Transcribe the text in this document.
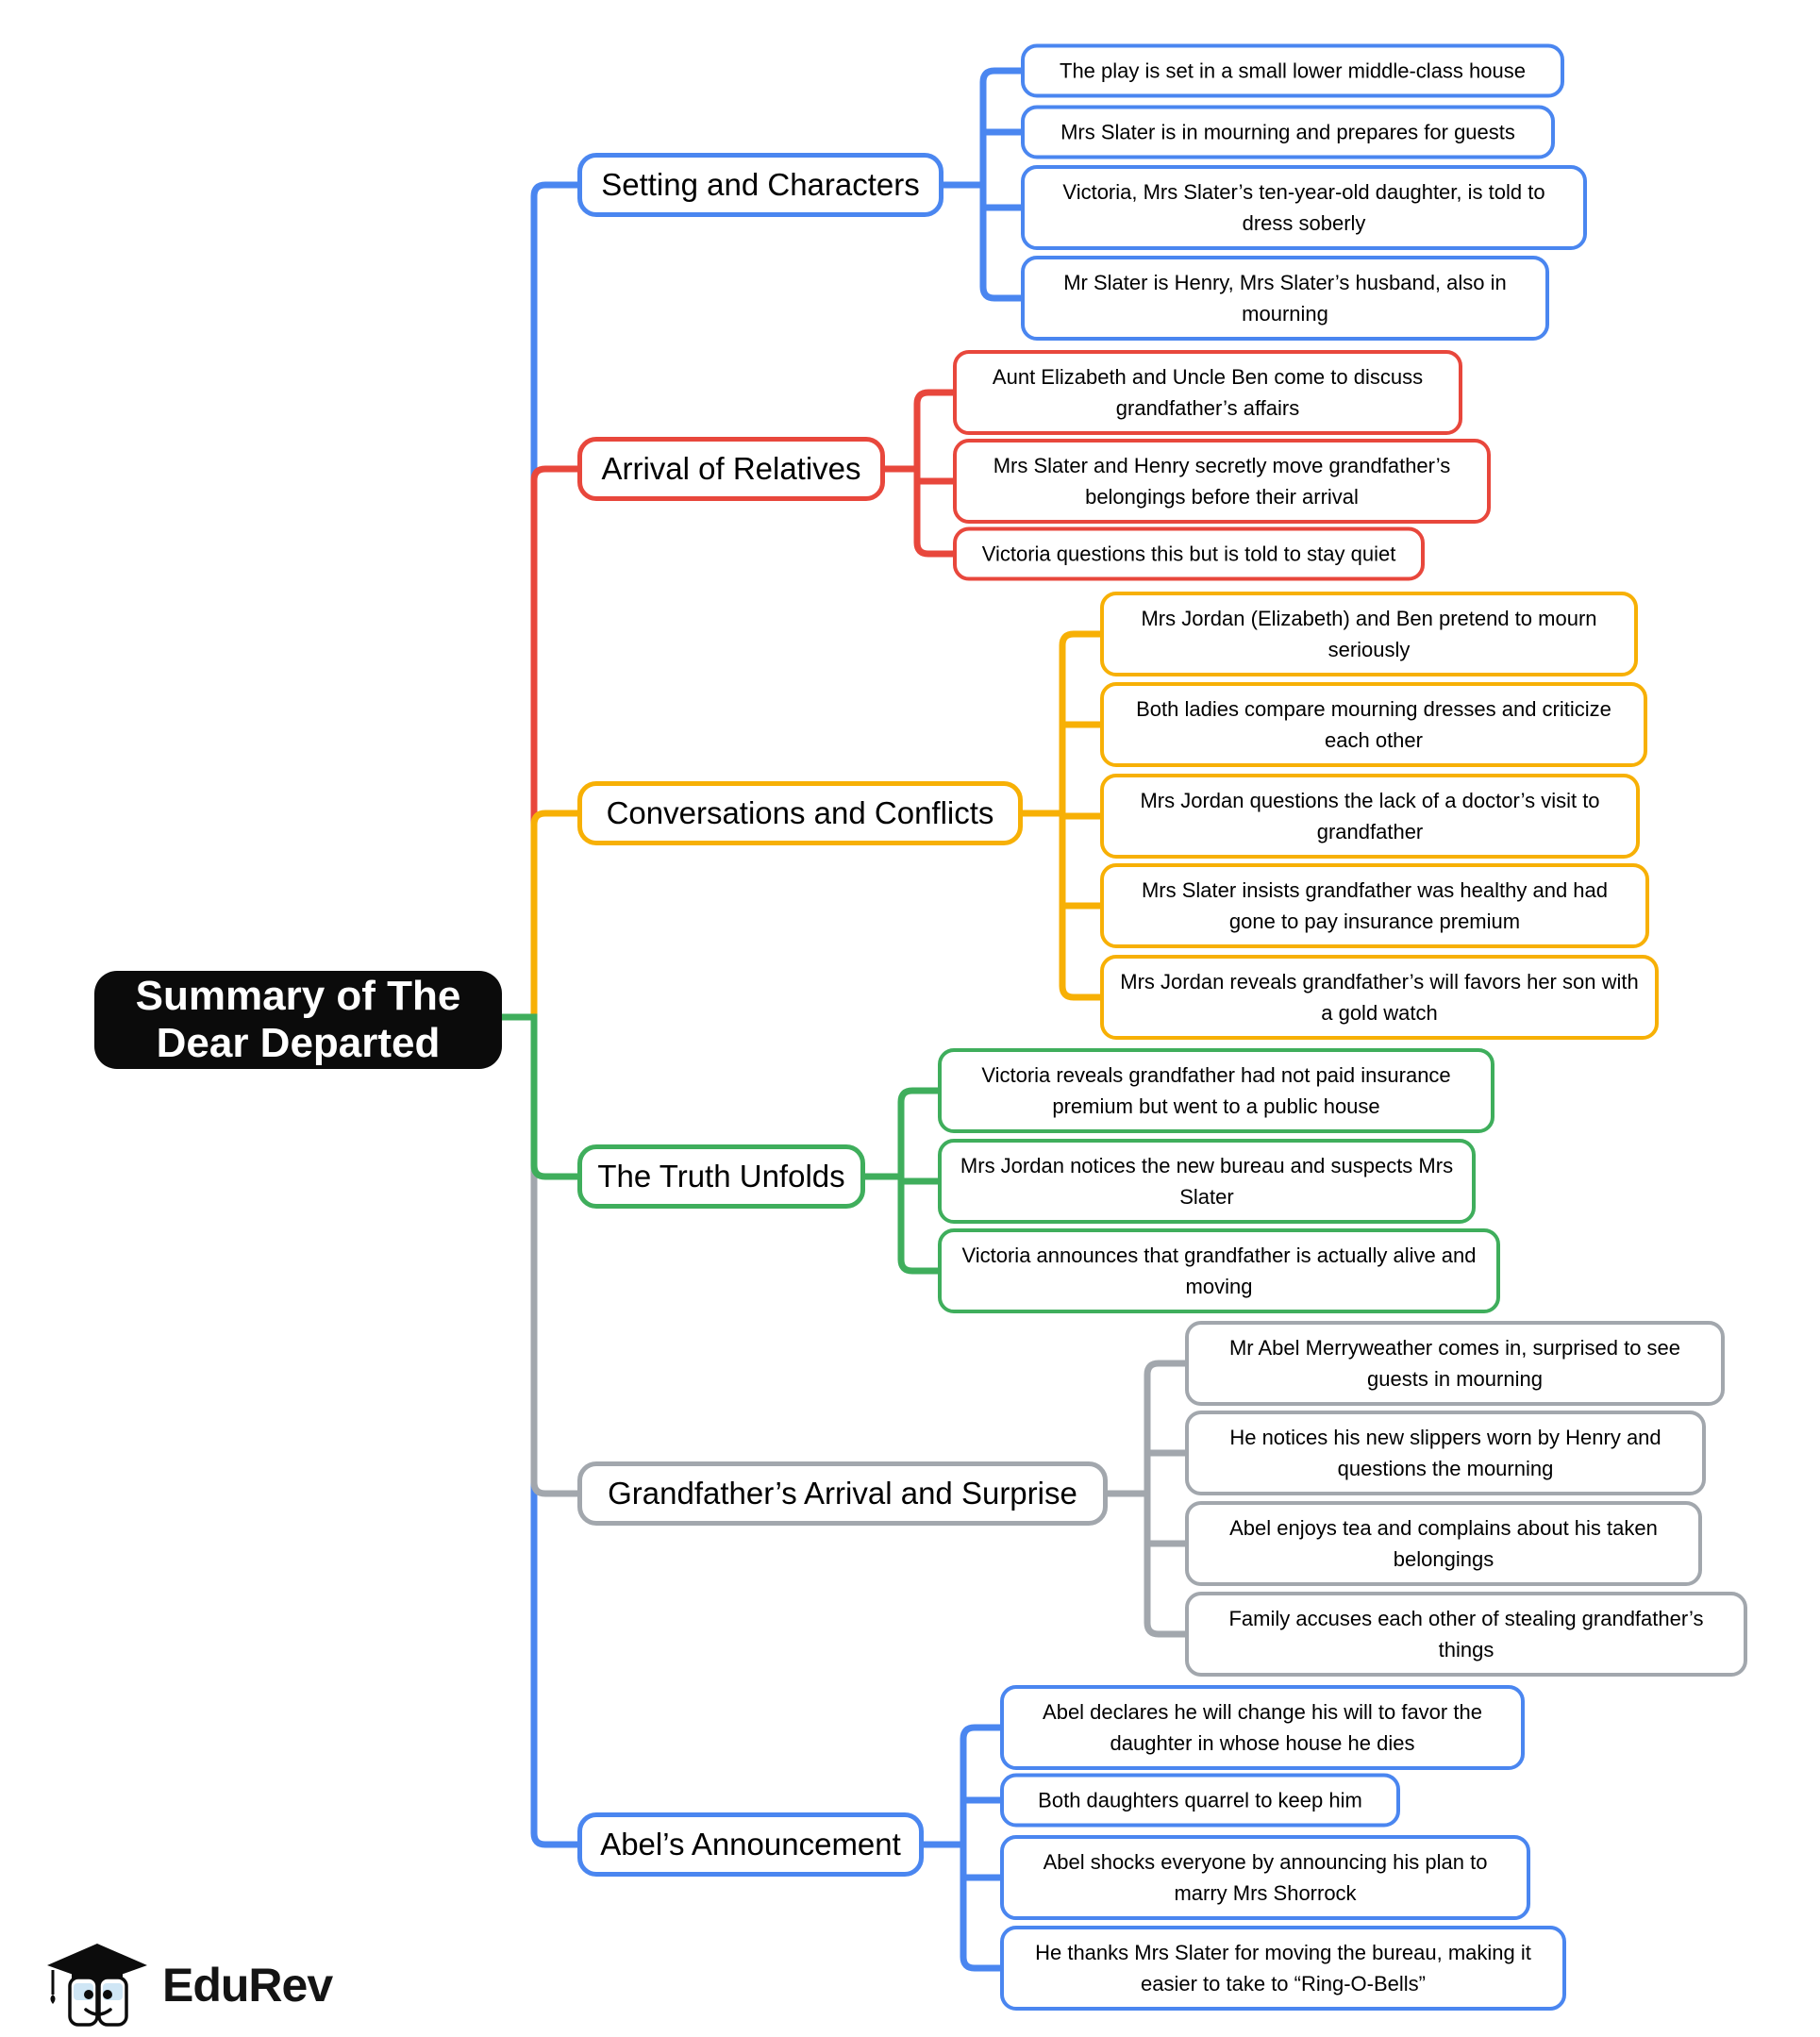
Summary of The Dear Departed
Setting and Characters
Arrival of Relatives
Conversations and Conflicts
The Truth Unfolds
Grandfather’s Arrival and Surprise
Abel’s Announcement
The play is set in a small lower middle-class house
Mrs Slater is in mourning and prepares for guests
Victoria, Mrs Slater’s ten-year-old daughter, is told to dress soberly
Mr Slater is Henry, Mrs Slater’s husband, also in mourning
Aunt Elizabeth and Uncle Ben come to discuss grandfather’s affairs
Mrs Slater and Henry secretly move grandfather’s belongings before their arrival
Victoria questions this but is told to stay quiet
Mrs Jordan (Elizabeth) and Ben pretend to mourn seriously
Both ladies compare mourning dresses and criticize each other
Mrs Jordan questions the lack of a doctor’s visit to grandfather
Mrs Slater insists grandfather was healthy and had gone to pay insurance premium
Mrs Jordan reveals grandfather’s will favors her son with a gold watch
Victoria reveals grandfather had not paid insurance premium but went to a public house
Mrs Jordan notices the new bureau and suspects Mrs Slater
Victoria announces that grandfather is actually alive and moving
Mr Abel Merryweather comes in, surprised to see guests in mourning
He notices his new slippers worn by Henry and questions the mourning
Abel enjoys tea and complains about his taken belongings
Family accuses each other of stealing grandfather’s things
Abel declares he will change his will to favor the daughter in whose house he dies
Both daughters quarrel to keep him
Abel shocks everyone by announcing his plan to marry Mrs Shorrock
He thanks Mrs Slater for moving the bureau, making it easier to take to “Ring-O-Bells”
EduRev
